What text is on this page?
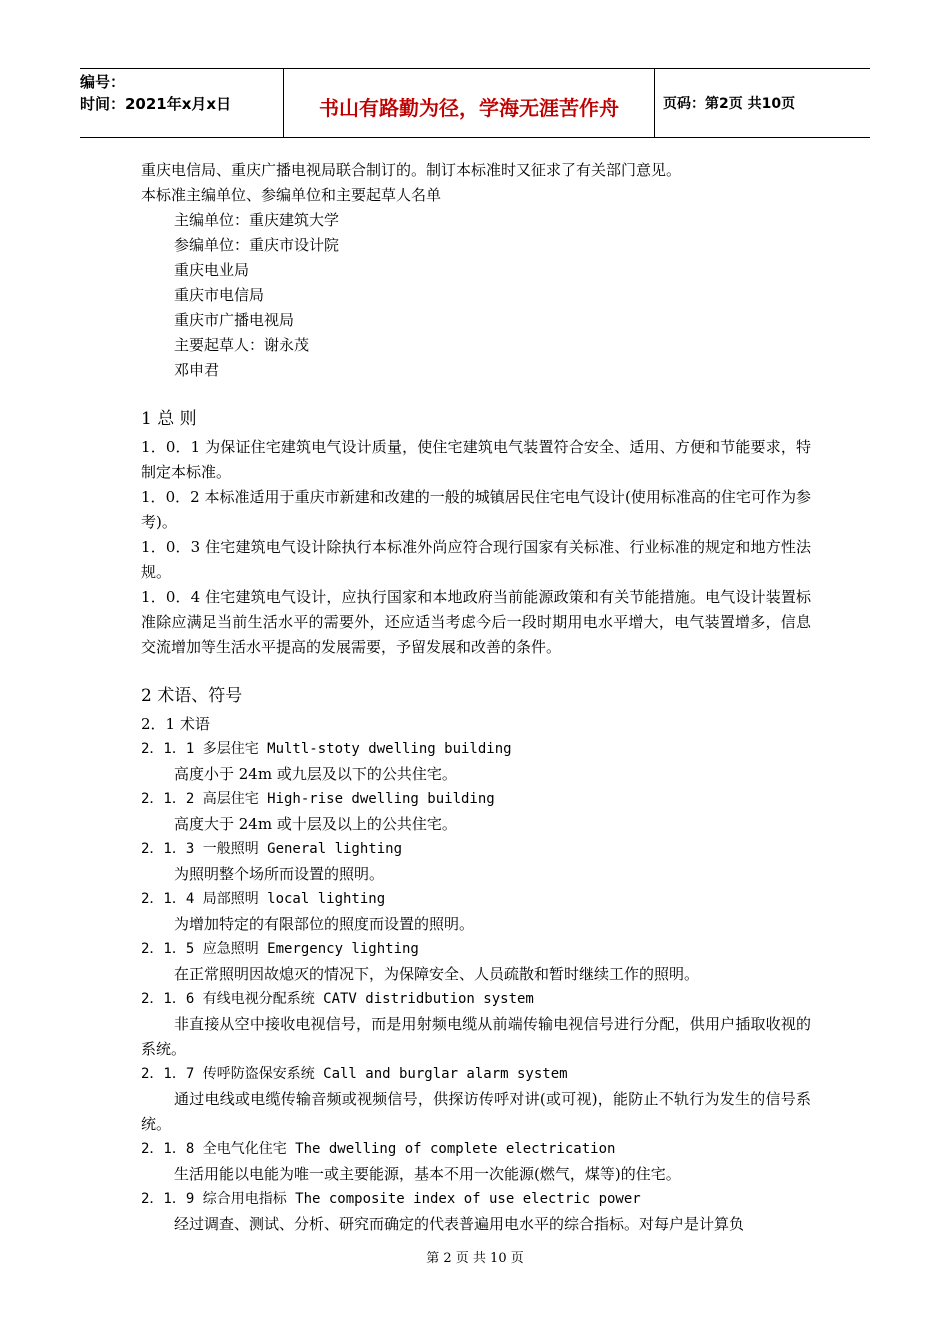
编号：
时间：2021年x月x日	书山有路勤为径，学海无涯苦作舟	页码：第2页 共10页
重庆电信局、重庆广播电视局联合制订的。制订本标准时又征求了有关部门意见。
本标准主编单位、参编单位和主要起草人名单
主编单位：重庆建筑大学
参编单位：重庆市设计院
重庆电业局
重庆市电信局
重庆市广播电视局
主要起草人：谢永茂
邓申君
1 总 则
1．0．1 为保证住宅建筑电气设计质量，使住宅建筑电气装置符合安全、适用、方便和节能要求，特制定本标准。
1．0．2 本标准适用于重庆市新建和改建的一般的城镇居民住宅电气设计(使用标准高的住宅可作为参考)。
1．0．3 住宅建筑电气设计除执行本标准外尚应符合现行国家有关标准、行业标准的规定和地方性法规。
1．0．4 住宅建筑电气设计，应执行国家和本地政府当前能源政策和有关节能措施。电气设计装置标准除应满足当前生活水平的需要外，还应适当考虑今后一段时期用电水平增大，电气装置增多，信息交流增加等生活水平提高的发展需要，予留发展和改善的条件。
2 术语、符号
2．1 术语
2．1．1 多层住宅 Multl-stoty dwelling building
高度小于 24m 或九层及以下的公共住宅。
2．1．2 高层住宅 High-rise dwelling building
高度大于 24m 或十层及以上的公共住宅。
2．1．3 一般照明 General lighting
为照明整个场所而设置的照明。
2．1．4 局部照明 local lighting
为增加特定的有限部位的照度而设置的照明。
2．1．5 应急照明 Emergency lighting
在正常照明因故熄灭的情况下，为保障安全、人员疏散和暂时继续工作的照明。
2．1．6 有线电视分配系统 CATV distridbution system
非直接从空中接收电视信号，而是用射频电缆从前端传输电视信号进行分配，供用户插取收视的系统。
2．1．7 传呼防盗保安系统 Call and burglar alarm system
通过电线或电缆传输音频或视频信号，供探访传呼对讲(或可视)，能防止不轨行为发生的信号系统。
2．1．8 全电气化住宅 The dwelling of complete electrication
生活用能以电能为唯一或主要能源，基本不用一次能源(燃气，煤等)的住宅。
2．1．9 综合用电指标 The composite index of use electric power
经过调查、测试、分析、研究而确定的代表普遍用电水平的综合指标。对每户是计算负
第 2 页 共 10 页
